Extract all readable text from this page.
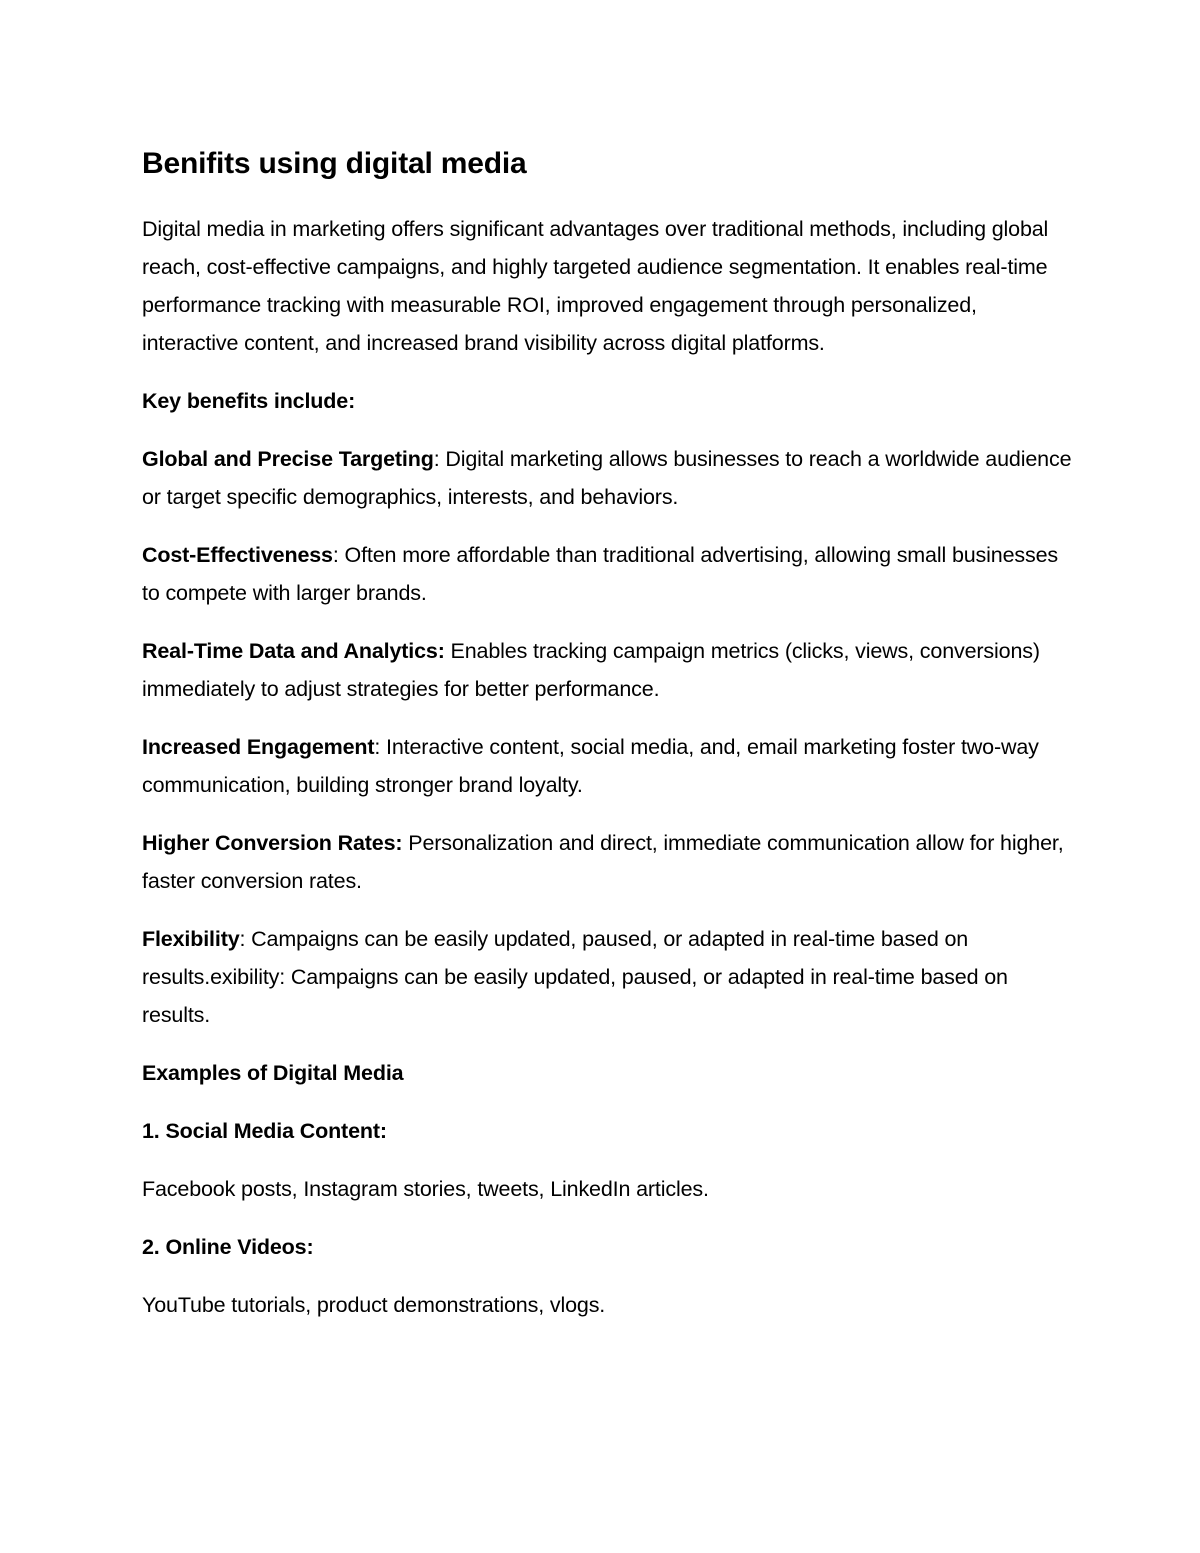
Benifits using digital media

Digital media in marketing offers significant advantages over traditional methods, including global reach, cost-effective campaigns, and highly targeted audience segmentation. It enables real-time performance tracking with measurable ROI, improved engagement through personalized, interactive content, and increased brand visibility across digital platforms.

Key benefits include:

Global and Precise Targeting: Digital marketing allows businesses to reach a worldwide audience or target specific demographics, interests, and behaviors.

Cost-Effectiveness: Often more affordable than traditional advertising, allowing small businesses to compete with larger brands.

Real-Time Data and Analytics: Enables tracking campaign metrics (clicks, views, conversions) immediately to adjust strategies for better performance.

Increased Engagement: Interactive content, social media, and, email marketing foster two-way communication, building stronger brand loyalty.

Higher Conversion Rates: Personalization and direct, immediate communication allow for higher, faster conversion rates.

Flexibility: Campaigns can be easily updated, paused, or adapted in real-time based on results.exibility: Campaigns can be easily updated, paused, or adapted in real-time based on results.

Examples of Digital Media

1. Social Media Content:

Facebook posts, Instagram stories, tweets, LinkedIn articles.

2. Online Videos:

YouTube tutorials, product demonstrations, vlogs.
